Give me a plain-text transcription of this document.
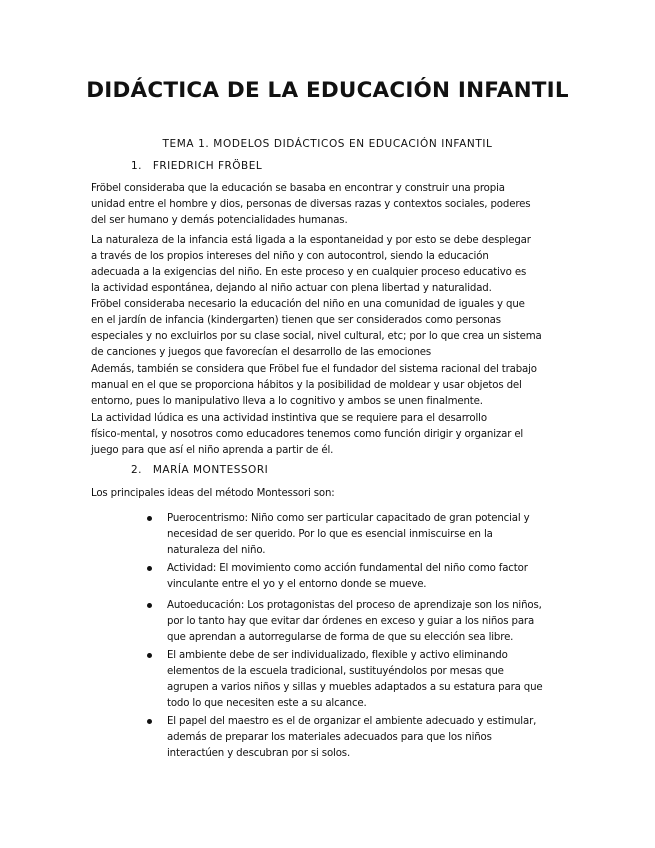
DIDÁCTICA DE LA EDUCACIÓN INFANTIL
TEMA 1. MODELOS DIDÁCTICOS EN EDUCACIÓN INFANTIL
1. FRIEDRICH FRÖBEL
Fröbel consideraba que la educación se basaba en encontrar y construir una propia
unidad entre el hombre y dios, personas de diversas razas y contextos sociales, poderes
del ser humano y demás potencialidades humanas.
La naturaleza de la infancia está ligada a la espontaneidad y por esto se debe desplegar
a través de los propios intereses del niño y con autocontrol, siendo la educación
adecuada a la exigencias del niño. En este proceso y en cualquier proceso educativo es
la actividad espontánea, dejando al niño actuar con plena libertad y naturalidad.
Fröbel consideraba necesario la educación del niño en una comunidad de iguales y que
en el jardín de infancia (kindergarten) tienen que ser considerados como personas
especiales y no excluirlos por su clase social, nivel cultural, etc; por lo que crea un sistema
de canciones y juegos que favorecían el desarrollo de las emociones
Además, también se considera que Fröbel fue el fundador del sistema racional del trabajo
manual en el que se proporciona hábitos y la posibilidad de moldear y usar objetos del
entorno, pues lo manipulativo lleva a lo cognitivo y ambos se unen finalmente.
La actividad lúdica es una actividad instintiva que se requiere para el desarrollo
físico-mental, y nosotros como educadores tenemos como función dirigir y organizar el
juego para que así el niño aprenda a partir de él.
2. MARÍA MONTESSORI
Los principales ideas del método Montessori son:
Puerocentrismo: Niño como ser particular capacitado de gran potencial y
necesidad de ser querido. Por lo que es esencial inmiscuirse en la
naturaleza del niño.
Actividad: El movimiento como acción fundamental del niño como factor
vinculante entre el yo y el entorno donde se mueve.
Autoeducación: Los protagonistas del proceso de aprendizaje son los niños,
por lo tanto hay que evitar dar órdenes en exceso y guiar a los niños para
que aprendan a autorregularse de forma de que su elección sea libre.
El ambiente debe de ser individualizado, flexible y activo eliminando
elementos de la escuela tradicional, sustituyéndolos por mesas que
agrupen a varios niños y sillas y muebles adaptados a su estatura para que
todo lo que necesiten este a su alcance.
El papel del maestro es el de organizar el ambiente adecuado y estimular,
además de preparar los materiales adecuados para que los niños
interactúen y descubran por si solos.
